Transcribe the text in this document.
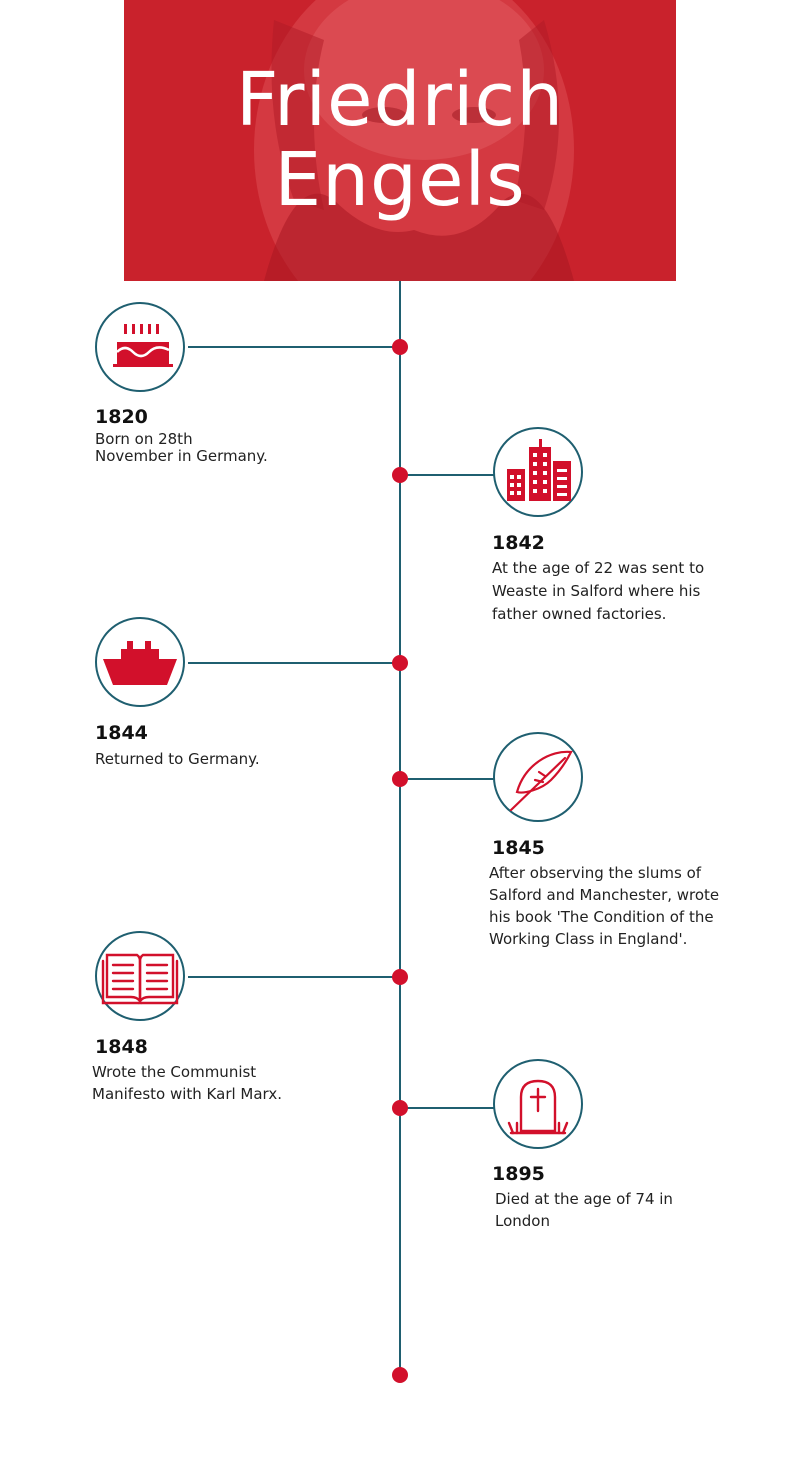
Friedrich
Engels
1820
Born on 28th
November in Germany.
1842
At the age of 22 was sent to
Weaste in Salford where his
father owned factories.
1844
Returned to Germany.
1845
After observing the slums of
Salford and Manchester, wrote
his book 'The Condition of the
Working Class in England'.
1848
Wrote the Communist
Manifesto with Karl Marx.
1895
Died at the age of 74 in
London
